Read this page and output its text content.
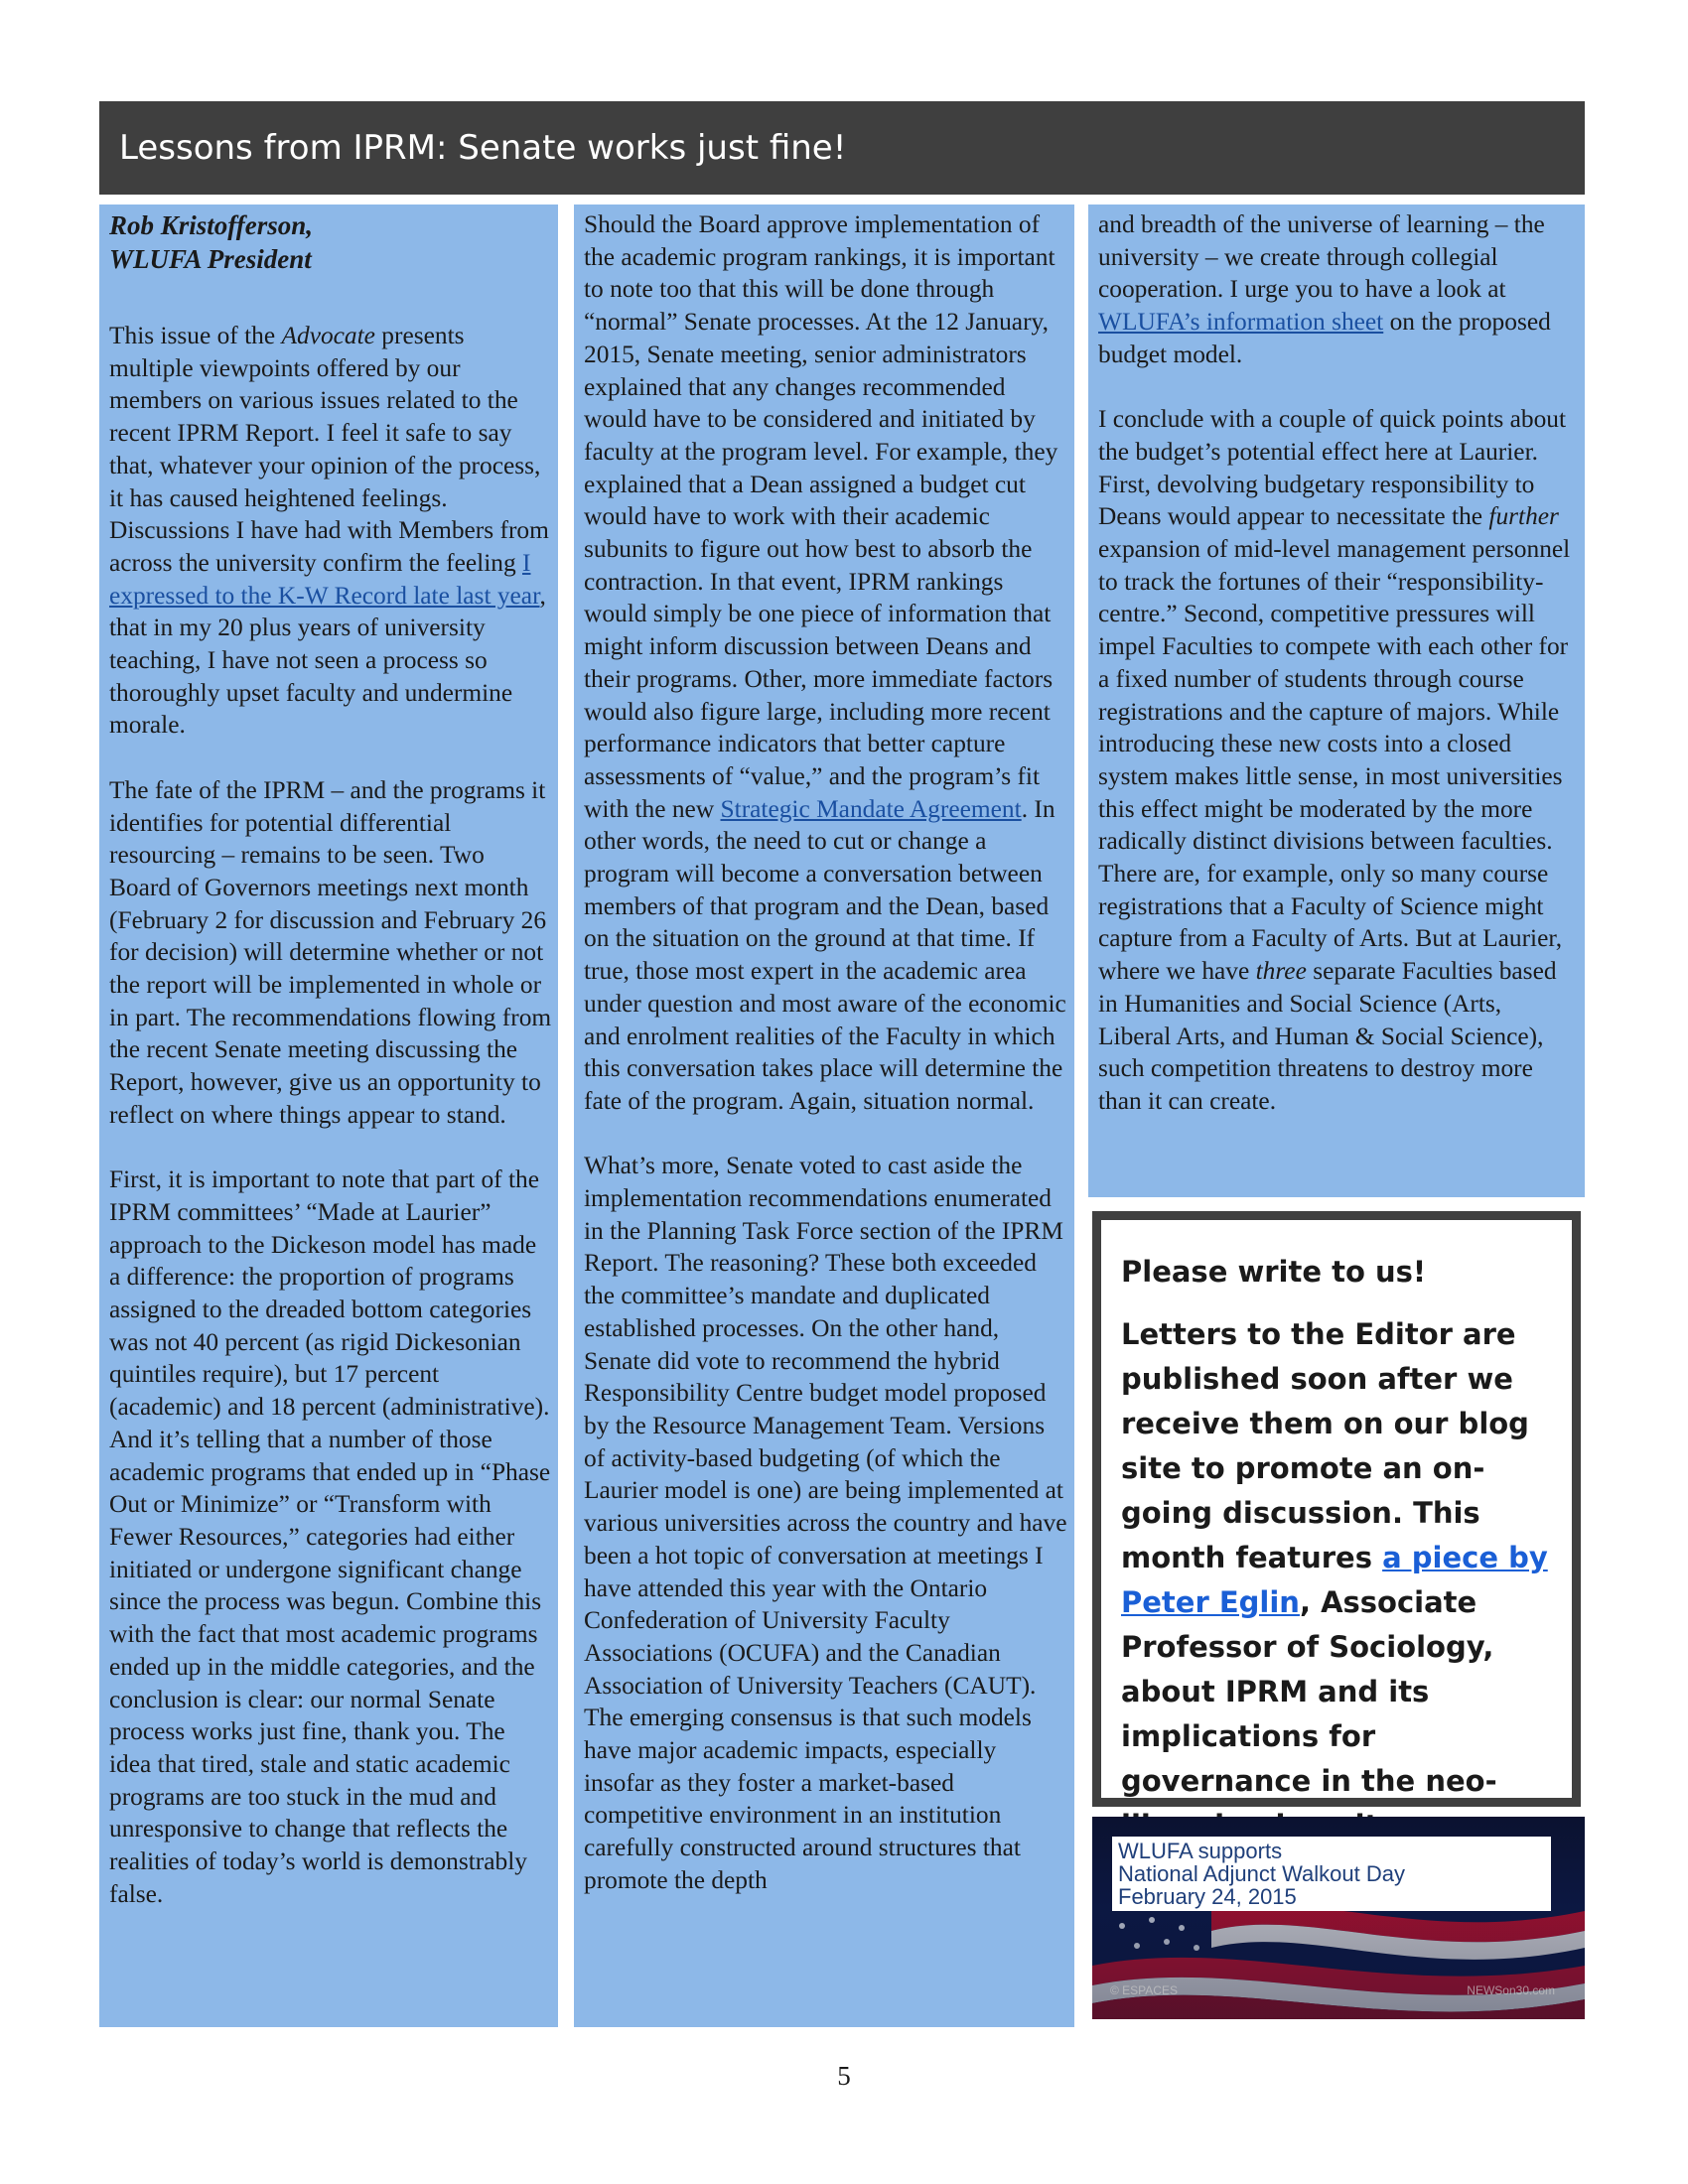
Lessons from IPRM: Senate works just fine!

Rob Kristofferson,
WLUFA President

This issue of the Advocate presents multiple viewpoints offered by our members on various issues related to the recent IPRM Report. I feel it safe to say that, whatever your opinion of the process, it has caused heightened feelings. Discussions I have had with Members from across the university confirm the feeling I expressed to the K-W Record late last year, that in my 20 plus years of university teaching, I have not seen a process so thoroughly upset faculty and undermine morale.

The fate of the IPRM – and the programs it identifies for potential differential resourcing – remains to be seen. Two Board of Governors meetings next month (February 2 for discussion and February 26 for decision) will determine whether or not the report will be implemented in whole or in part. The recommendations flowing from the recent Senate meeting discussing the Report, however, give us an opportunity to reflect on where things appear to stand.

First, it is important to note that part of the IPRM committees’ “Made at Laurier” approach to the Dickeson model has made a difference: the proportion of programs assigned to the dreaded bottom categories was not 40 percent (as rigid Dickesonian quintiles require), but 17 percent (academic) and 18 percent (administrative). And it’s telling that a number of those academic programs that ended up in “Phase Out or Minimize” or “Transform with Fewer Resources,” categories had either initiated or undergone significant change since the process was begun. Combine this with the fact that most academic programs ended up in the middle categories, and the conclusion is clear: our normal Senate process works just fine, thank you. The idea that tired, stale and static academic programs are too stuck in the mud and unresponsive to change that reflects the realities of today’s world is demonstrably false.

Should the Board approve implementation of the academic program rankings, it is important to note too that this will be done through “normal” Senate processes. At the 12 January, 2015, Senate meeting, senior administrators explained that any changes recommended would have to be considered and initiated by faculty at the program level. For example, they explained that a Dean assigned a budget cut would have to work with their academic subunits to figure out how best to absorb the contraction. In that event, IPRM rankings would simply be one piece of information that might inform discussion between Deans and their programs. Other, more immediate factors would also figure large, including more recent performance indicators that better capture assessments of “value,” and the program’s fit with the new Strategic Mandate Agreement. In other words, the need to cut or change a program will become a conversation between members of that program and the Dean, based on the situation on the ground at that time. If true, those most expert in the academic area under question and most aware of the economic and enrolment realities of the Faculty in which this conversation takes place will determine the fate of the program. Again, situation normal.

What’s more, Senate voted to cast aside the implementation recommendations enumerated in the Planning Task Force section of the IPRM Report. The reasoning? These both exceeded the committee’s mandate and duplicated established processes. On the other hand, Senate did vote to recommend the hybrid Responsibility Centre budget model proposed by the Resource Management Team. Versions of activity-based budgeting (of which the Laurier model is one) are being implemented at various universities across the country and have been a hot topic of conversation at meetings I have attended this year with the Ontario Confederation of University Faculty Associations (OCUFA) and the Canadian Association of University Teachers (CAUT). The emerging consensus is that such models have major academic impacts, especially insofar as they foster a market-based competitive environment in an institution carefully constructed around structures that promote the depth

and breadth of the universe of learning – the university – we create through collegial cooperation. I urge you to have a look at WLUFA’s information sheet on the proposed budget model.

I conclude with a couple of quick points about the budget’s potential effect here at Laurier. First, devolving budgetary responsibility to Deans would appear to necessitate the further expansion of mid-level management personnel to track the fortunes of their “responsibility-centre.” Second, competitive pressures will impel Faculties to compete with each other for a fixed number of students through course registrations and the capture of majors. While introducing these new costs into a closed system makes little sense, in most universities this effect might be moderated by the more radically distinct divisions between faculties. There are, for example, only so many course registrations that a Faculty of Science might capture from a Faculty of Arts. But at Laurier, where we have three separate Faculties based in Humanities and Social Science (Arts, Liberal Arts, and Human & Social Science), such competition threatens to destroy more than it can create.

Please write to us!
Letters to the Editor are published soon after we receive them on our blog site to promote an on-going discussion. This month features a piece by Peter Eglin, Associate Professor of Sociology, about IPRM and its implications for governance in the neo-
WLUFA supports
National Adjunct Walkout Day
February 24, 2015
© ESPACES	NEWSon30.com
5
